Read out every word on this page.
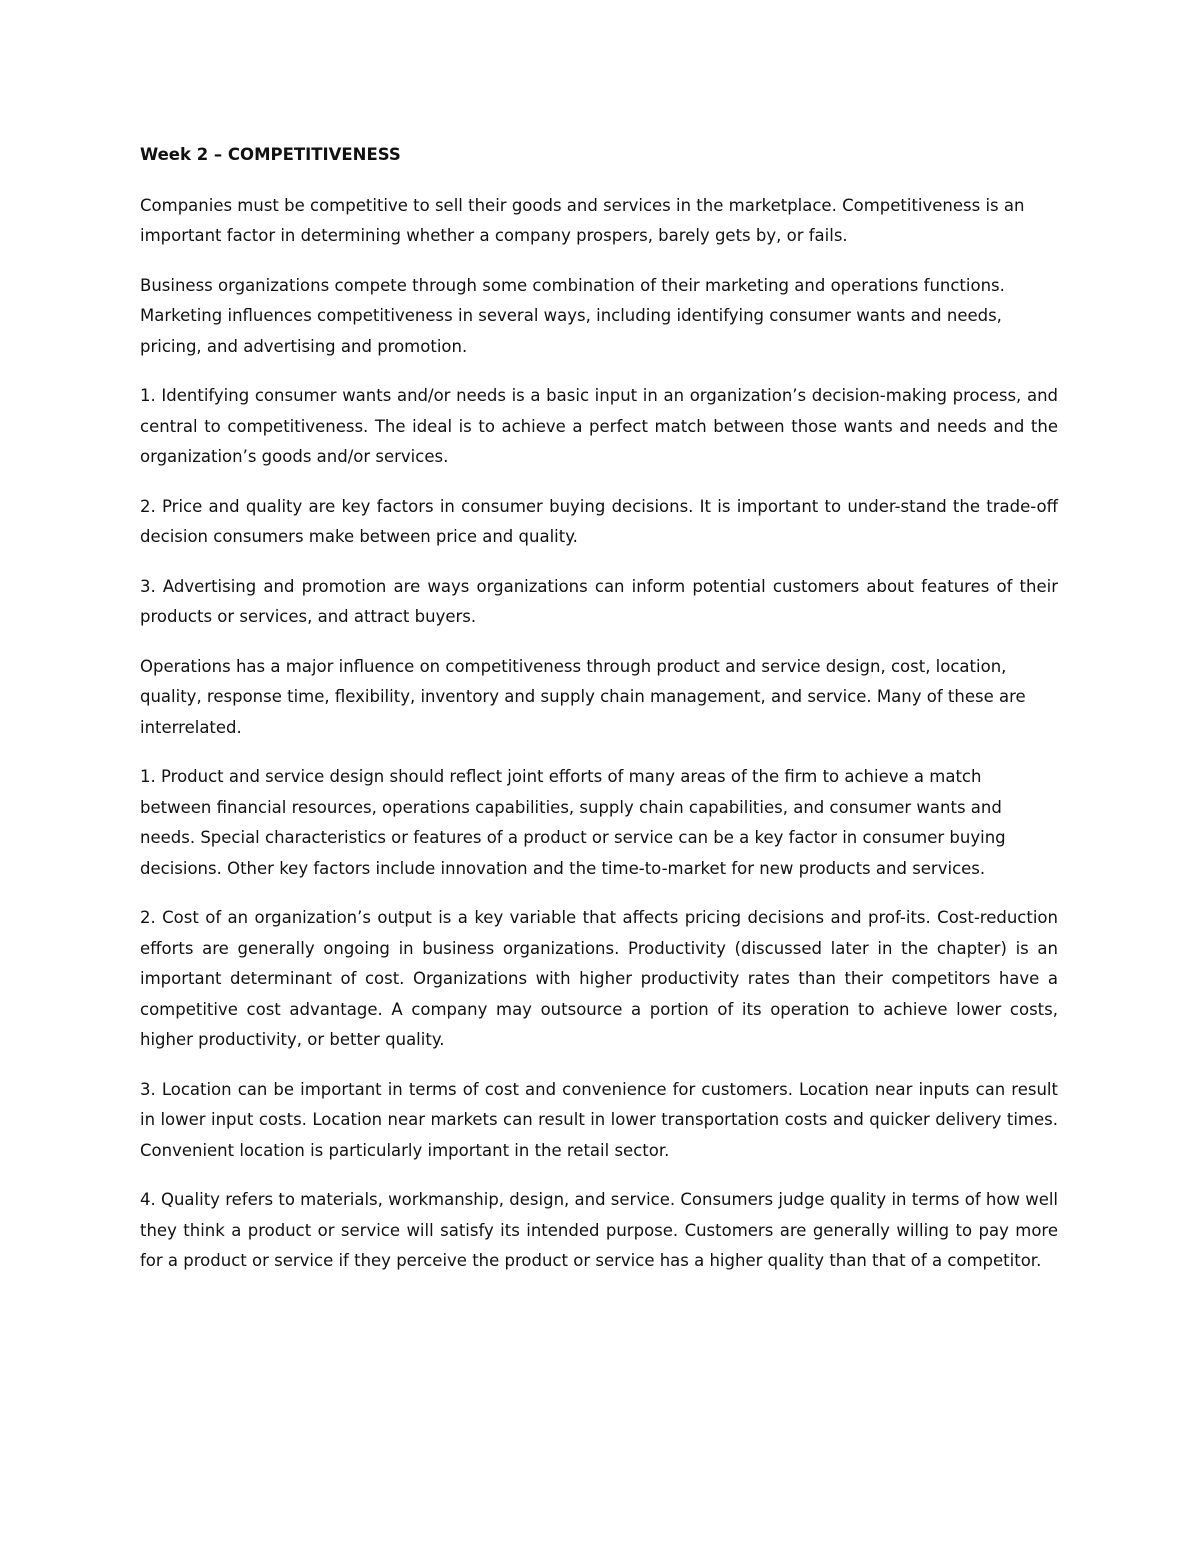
Week 2 – COMPETITIVENESS

Companies must be competitive to sell their goods and services in the marketplace. Competitiveness is an important factor in determining whether a company prospers, barely gets by, or fails.

Business organizations compete through some combination of their marketing and operations functions. Marketing influences competitiveness in several ways, including identifying consumer wants and needs, pricing, and advertising and promotion.

1. Identifying consumer wants and/or needs is a basic input in an organization’s decision-making process, and central to competitiveness. The ideal is to achieve a perfect match between those wants and needs and the organization’s goods and/or services.

2. Price and quality are key factors in consumer buying decisions. It is important to under-stand the trade-off decision consumers make between price and quality.

3. Advertising and promotion are ways organizations can inform potential customers about features of their products or services, and attract buyers.

Operations has a major influence on competitiveness through product and service design, cost, location, quality, response time, flexibility, inventory and supply chain management, and service. Many of these are interrelated.

1. Product and service design should reflect joint efforts of many areas of the firm to achieve a match between financial resources, operations capabilities, supply chain capabilities, and consumer wants and needs. Special characteristics or features of a product or service can be a key factor in consumer buying decisions. Other key factors include innovation and the time-to-market for new products and services.

2. Cost of an organization’s output is a key variable that affects pricing decisions and prof-its. Cost-reduction efforts are generally ongoing in business organizations. Productivity (discussed later in the chapter) is an important determinant of cost. Organizations with higher productivity rates than their competitors have a competitive cost advantage. A company may outsource a portion of its operation to achieve lower costs, higher productivity, or better quality.

3. Location can be important in terms of cost and convenience for customers. Location near inputs can result in lower input costs. Location near markets can result in lower transportation costs and quicker delivery times. Convenient location is particularly important in the retail sector.

4. Quality refers to materials, workmanship, design, and service. Consumers judge quality in terms of how well they think a product or service will satisfy its intended purpose. Customers are generally willing to pay more for a product or service if they perceive the product or service has a higher quality than that of a competitor.
